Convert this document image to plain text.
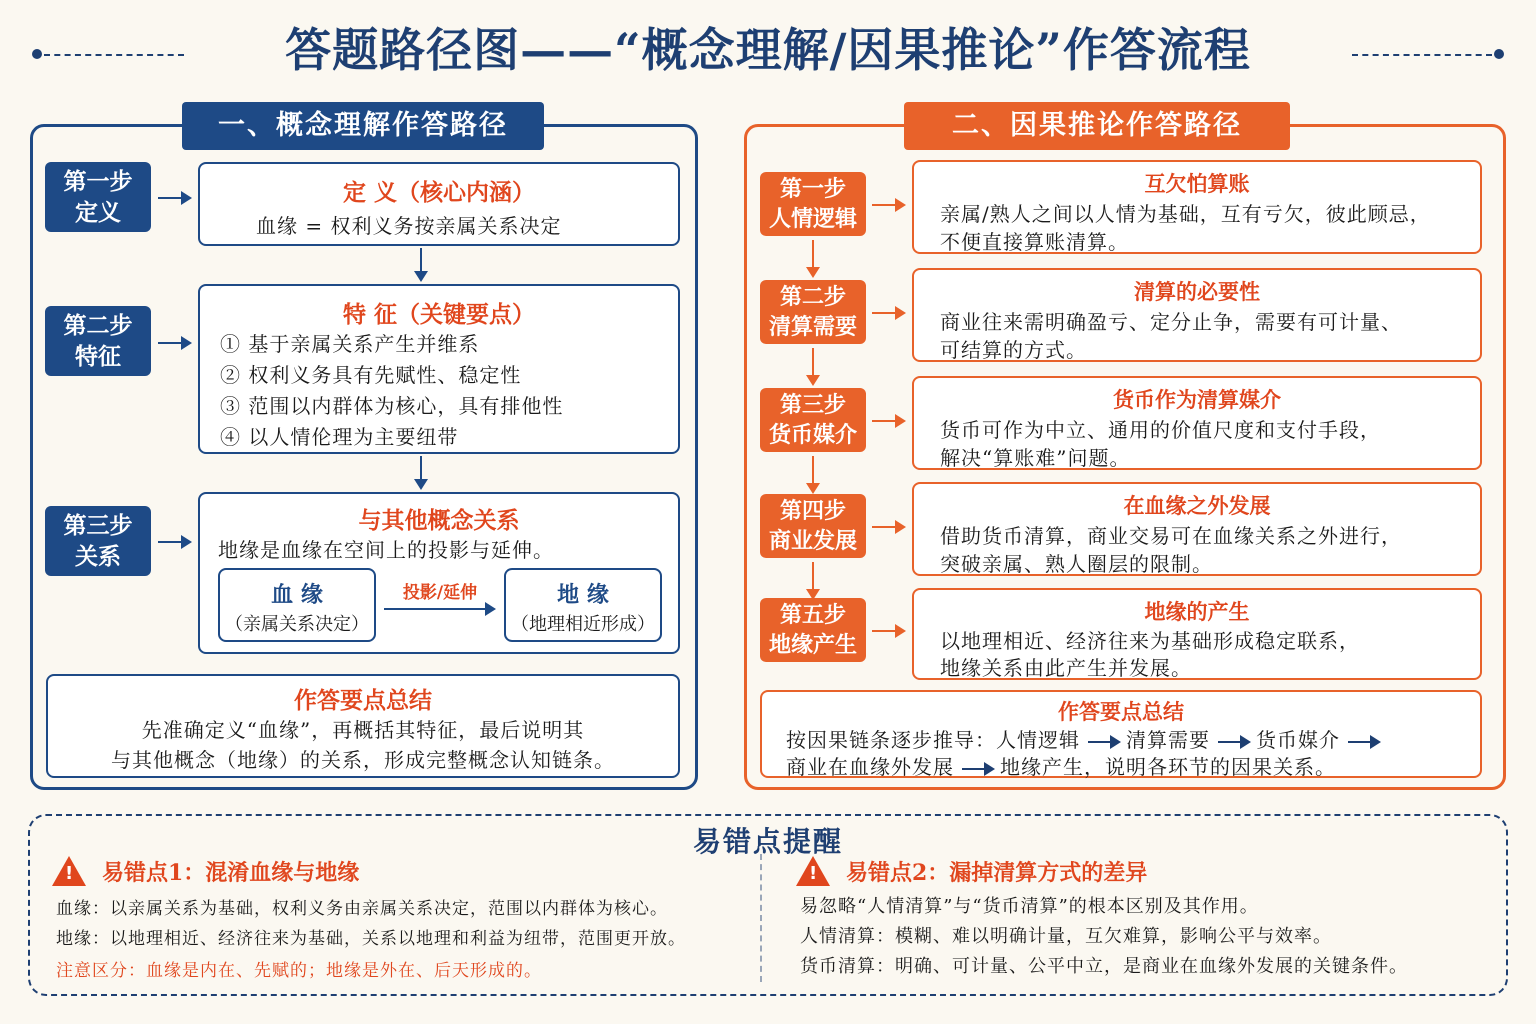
答题路径图——“概念理解/因果推论”作答流程
一、概念理解作答路径
第一步
定义
定 义（核心内涵）
血缘 = 权利义务按亲属关系决定
第二步
特征
特 征（关键要点）
① 基于亲属关系产生并维系
② 权利义务具有先赋性、稳定性
③ 范围以内群体为核心，具有排他性
④ 以人情伦理为主要纽带
第三步
关系
与其他概念关系
地缘是血缘在空间上的投影与延伸。
血 缘
（亲属关系决定）
投影/延伸	地 缘
（地理相近形成）
作答要点总结
先准确定义“血缘”，再概括其特征，最后说明其
与其他概念（地缘）的关系，形成完整概念认知链条。
二、因果推论作答路径
第一步
人情逻辑
互欠怕算账
亲属/熟人之间以人情为基础，互有亏欠，彼此顾忌，
不便直接算账清算。
第二步
清算需要
清算的必要性
商业往来需明确盈亏、定分止争，需要有可计量、
可结算的方式。
第三步
货币媒介
货币作为清算媒介
货币可作为中立、通用的价值尺度和支付手段，
解决“算账难”问题。
第四步
商业发展
在血缘之外发展
借助货币清算，商业交易可在血缘关系之外进行，
突破亲属、熟人圈层的限制。
第五步
地缘产生
地缘的产生
以地理相近、经济往来为基础形成稳定联系，
地缘关系由此产生并发展。
作答要点总结
按因果链条逐步推导：人情逻辑 清算需要 货币媒介
商业在血缘外发展 地缘产生，说明各环节的因果关系。
易错点提醒
! 易错点1：混淆血缘与地缘
血缘：以亲属关系为基础，权利义务由亲属关系决定，范围以内群体为核心。
地缘：以地理相近、经济往来为基础，关系以地理和利益为纽带，范围更开放。
注意区分：血缘是内在、先赋的；地缘是外在、后天形成的。
! 易错点2：漏掉清算方式的差异
易忽略“人情清算”与“货币清算”的根本区别及其作用。
人情清算：模糊、难以明确计量，互欠难算，影响公平与效率。
货币清算：明确、可计量、公平中立，是商业在血缘外发展的关键条件。
